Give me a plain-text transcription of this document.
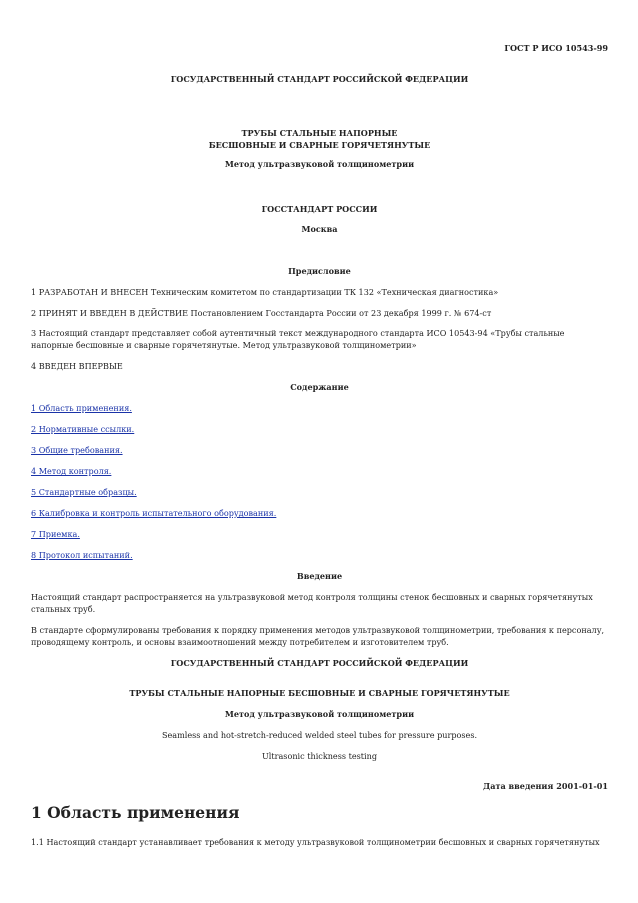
ГОСТ Р ИСО 10543-99
ГОСУДАРСТВЕННЫЙ СТАНДАРТ РОССИЙСКОЙ ФЕДЕРАЦИИ
ТРУБЫ СТАЛЬНЫЕ НАПОРНЫЕ
БЕСШОВНЫЕ И СВАРНЫЕ ГОРЯЧЕТЯНУТЫЕ
Метод ультразвуковой толщинометрии
ГОССТАНДАРТ РОССИИ
Москва
Предисловие
1 РАЗРАБОТАН И ВНЕСЕН Техническим комитетом по стандартизации ТК 132 «Техническая диагностика»
2 ПРИНЯТ И ВВЕДЕН В ДЕЙСТВИЕ Постановлением Госстандарта России от 23 декабря 1999 г. № 674-ст
3 Настоящий стандарт представляет собой аутентичный текст международного стандарта ИСО 10543-94 «Трубы стальные напорные бесшовные и сварные горячетянутые. Метод ультразвуковой толщинометрии»
4 ВВЕДЕН ВПЕРВЫЕ
Содержание
1 Область применения.
2 Нормативные ссылки.
3 Общие требования.
4 Метод контроля.
5 Стандартные образцы.
6 Калибровка и контроль испытательного оборудования.
7 Приемка.
8 Протокол испытаний.
Введение
Настоящий стандарт распространяется на ультразвуковой метод контроля толщины стенок бесшовных и сварных горячетянутых стальных труб.
В стандарте сформулированы требования к порядку применения методов ультразвуковой толщинометрии, требования к персоналу, проводящему контроль, и основы взаимоотношений между потребителем и изготовителем труб.
ГОСУДАРСТВЕННЫЙ СТАНДАРТ РОССИЙСКОЙ ФЕДЕРАЦИИ
ТРУБЫ СТАЛЬНЫЕ НАПОРНЫЕ БЕСШОВНЫЕ И СВАРНЫЕ ГОРЯЧЕТЯНУТЫЕ
Метод ультразвуковой толщинометрии
Seamless and hot-stretch-reduced welded steel tubes for pressure purposes.
Ultrasonic thickness testing
Дата введения 2001-01-01
1 Область применения
1.1 Настоящий стандарт устанавливает требования к методу ультразвуковой толщинометрии бесшовных и сварных горячетянутых
